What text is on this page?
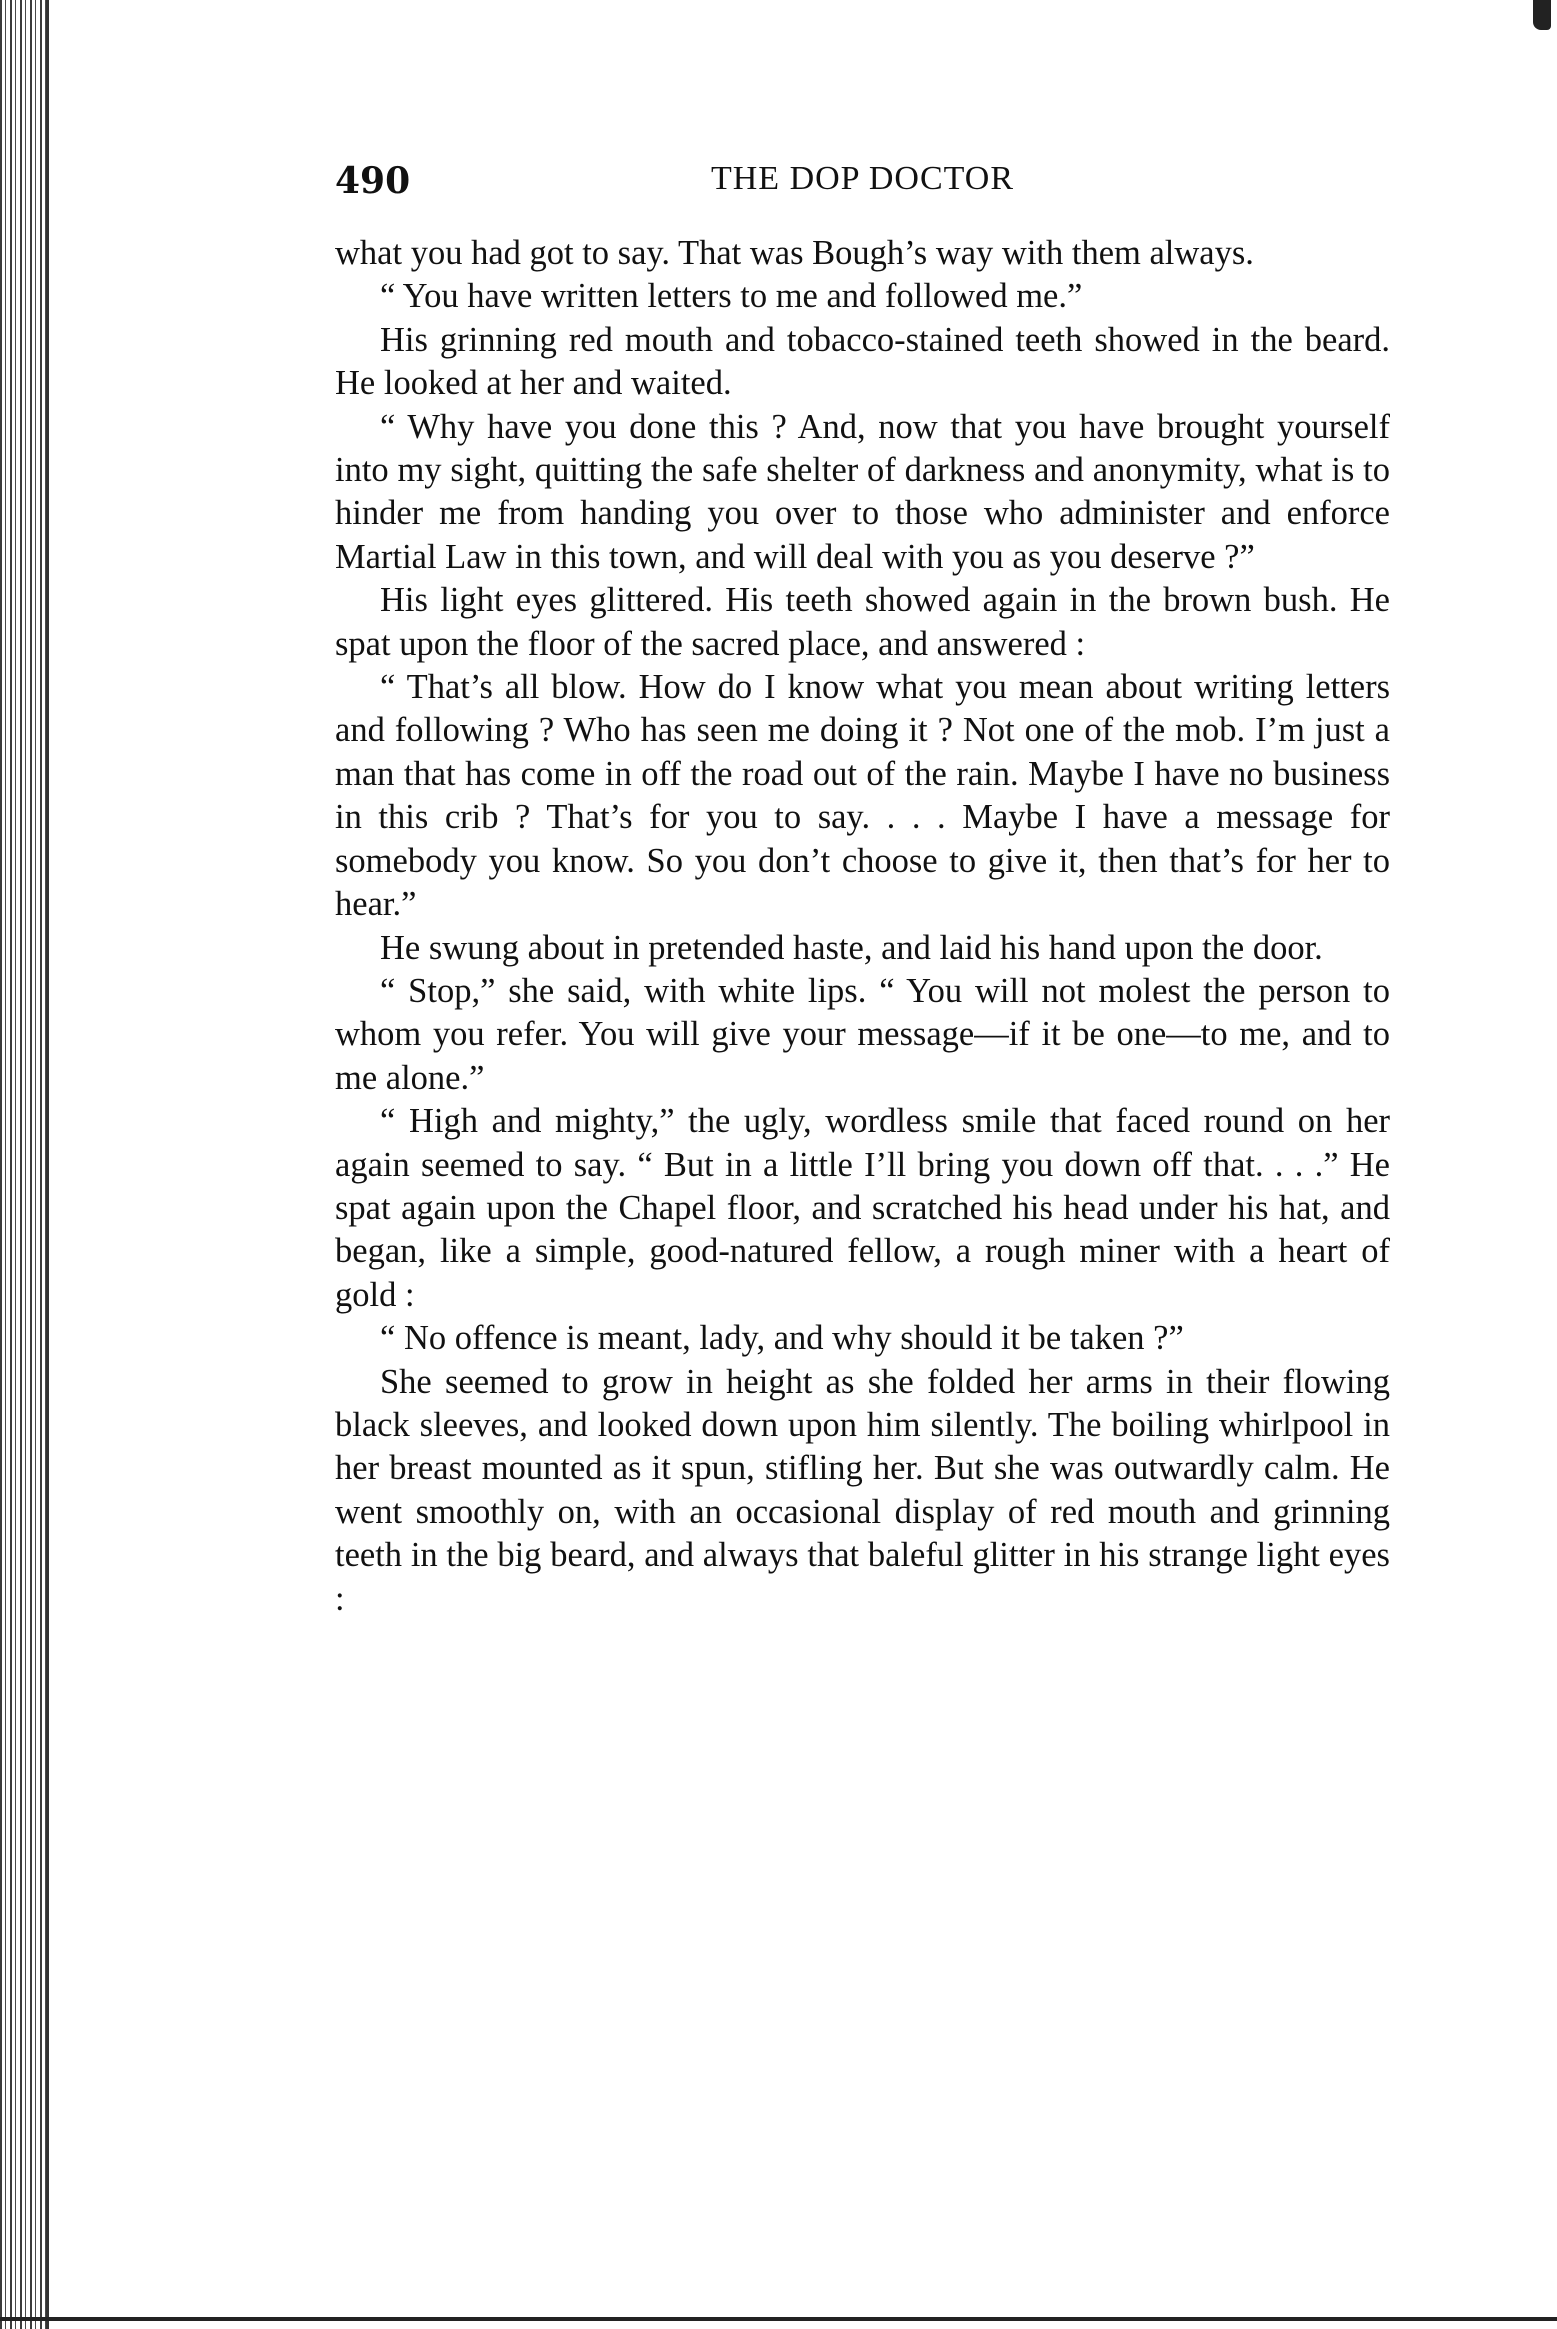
490	THE DOP DOCTOR

what you had got to say. That was Bough’s way with them always.

“ You have written letters to me and followed me.”

His grinning red mouth and tobacco-stained teeth showed in the beard. He looked at her and waited.

“ Why have you done this ? And, now that you have brought yourself into my sight, quitting the safe shelter of darkness and anonymity, what is to hinder me from handing you over to those who administer and enforce Martial Law in this town, and will deal with you as you deserve ?”

His light eyes glittered. His teeth showed again in the brown bush. He spat upon the floor of the sacred place, and answered :

“ That’s all blow. How do I know what you mean about writing letters and following ? Who has seen me doing it ? Not one of the mob. I’m just a man that has come in off the road out of the rain. Maybe I have no business in this crib ? That’s for you to say. . . . Maybe I have a message for somebody you know. So you don’t choose to give it, then that’s for her to hear.”

He swung about in pretended haste, and laid his hand upon the door.

“ Stop,” she said, with white lips. “ You will not molest the person to whom you refer. You will give your message—if it be one—to me, and to me alone.”

“ High and mighty,” the ugly, wordless smile that faced round on her again seemed to say. “ But in a little I’ll bring you down off that. . . .” He spat again upon the Chapel floor, and scratched his head under his hat, and began, like a simple, good-natured fellow, a rough miner with a heart of gold :

“ No offence is meant, lady, and why should it be taken ?”

She seemed to grow in height as she folded her arms in their flowing black sleeves, and looked down upon him silently. The boiling whirlpool in her breast mounted as it spun, stifling her. But she was outwardly calm. He went smoothly on, with an occasional display of red mouth and grinning teeth in the big beard, and always that baleful glitter in his strange light eyes :
